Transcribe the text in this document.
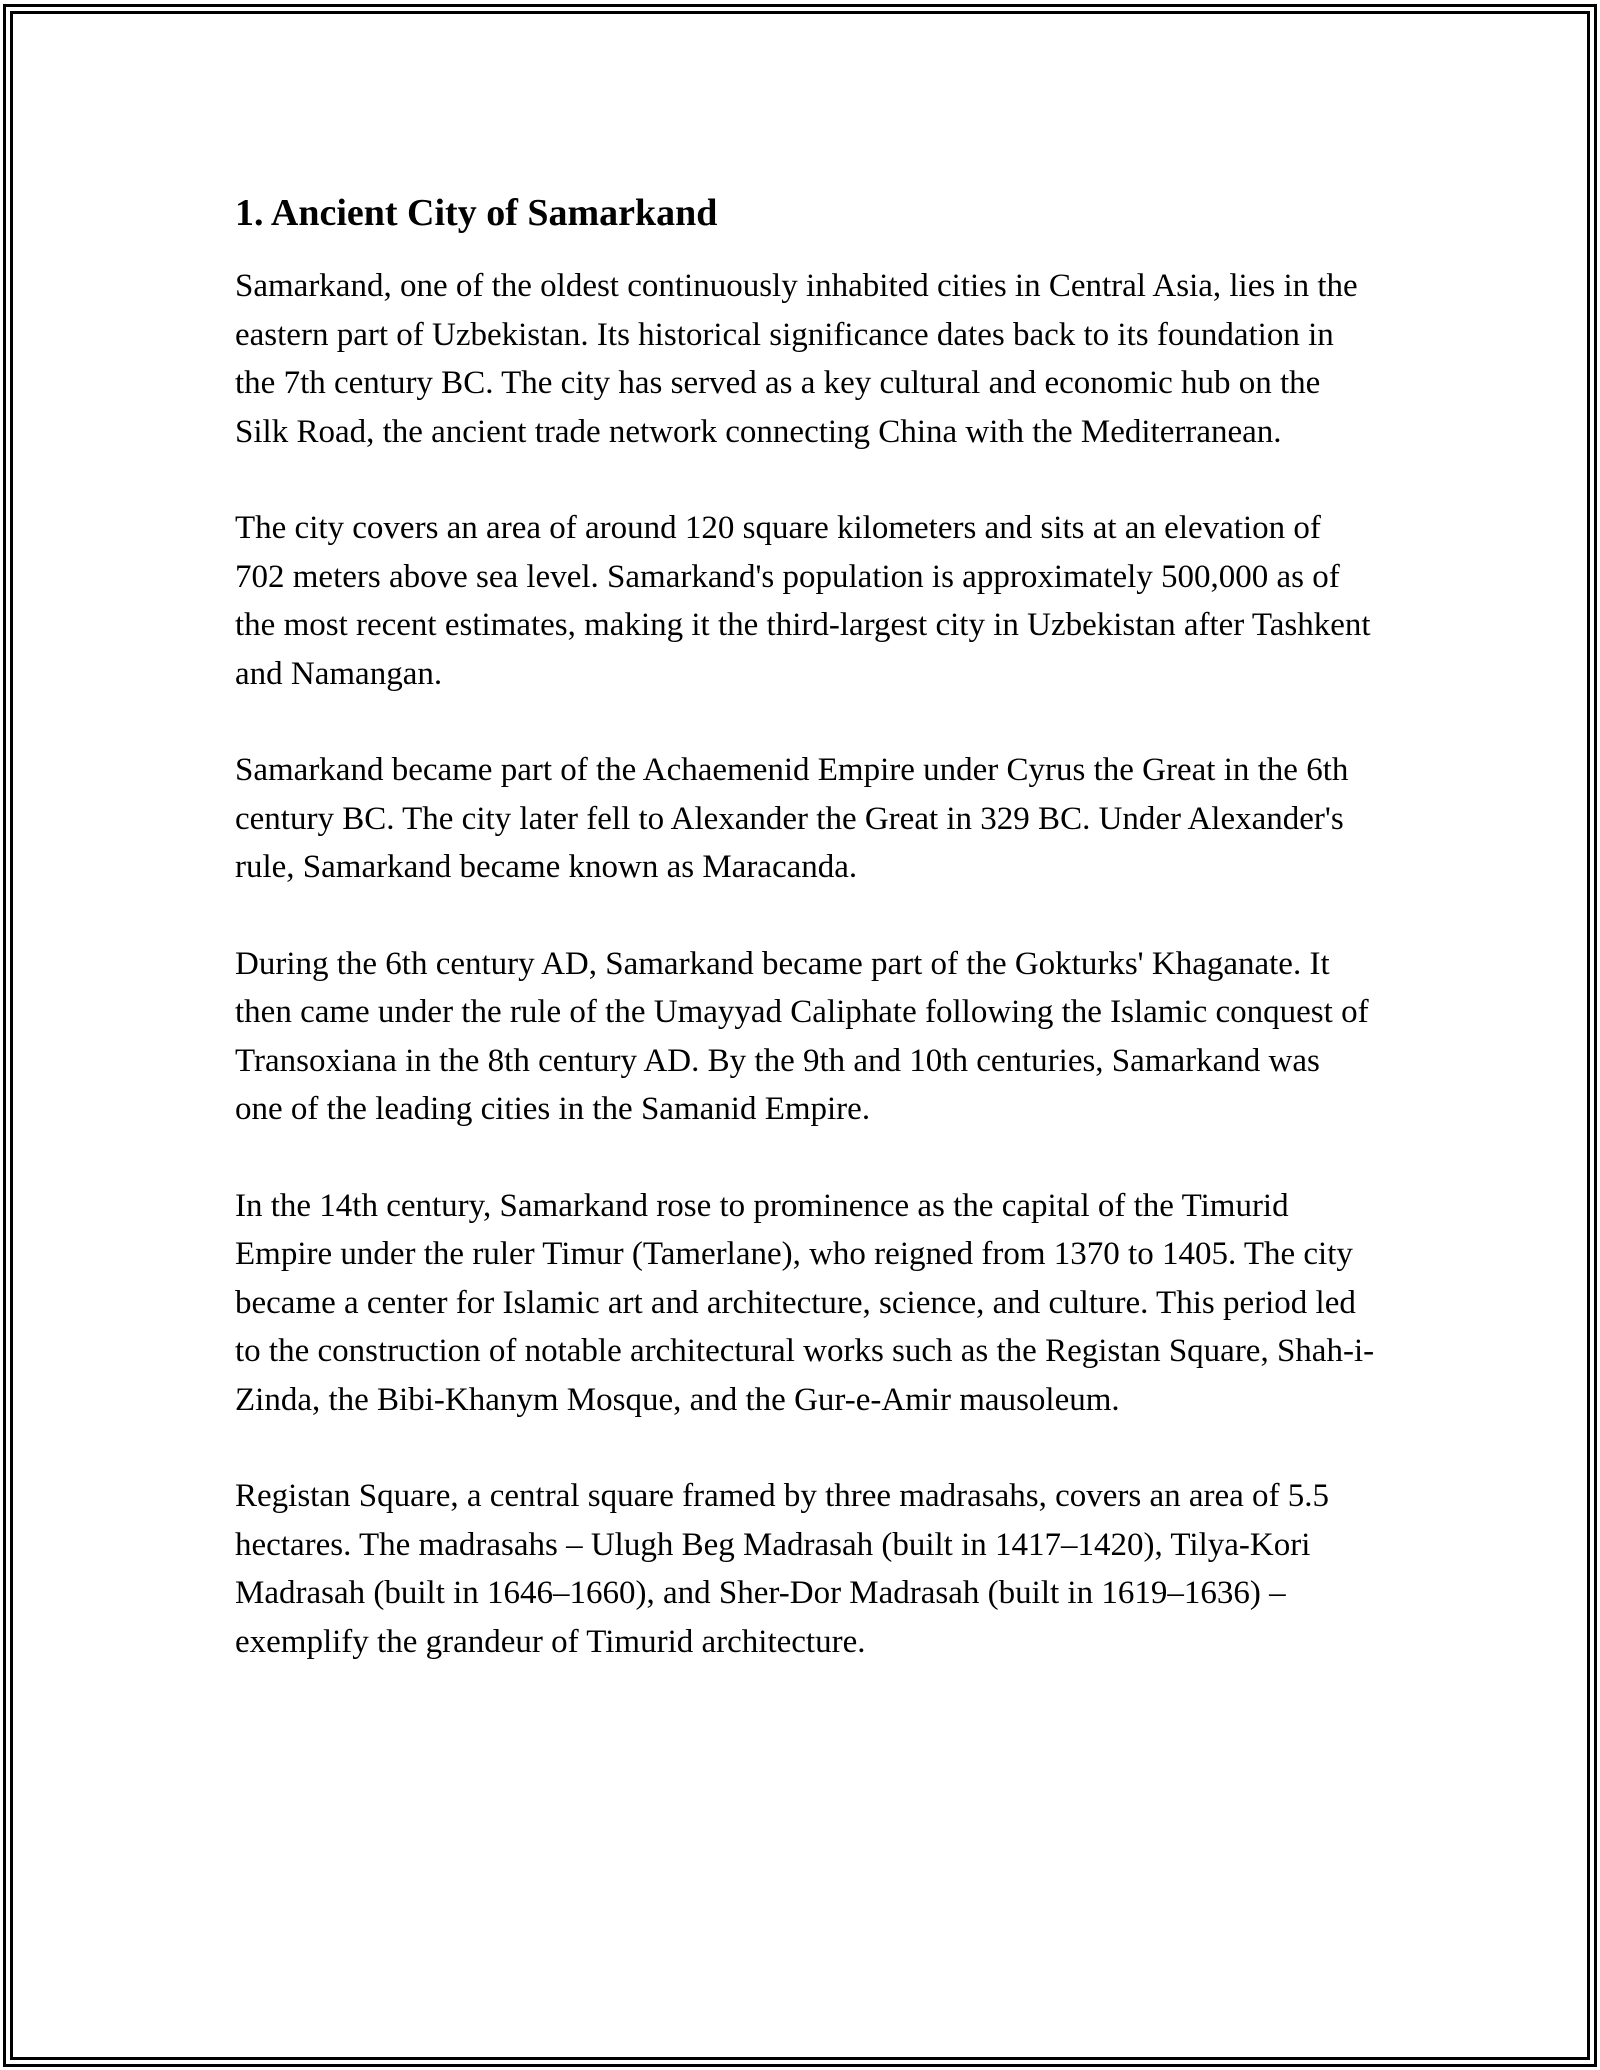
1. Ancient City of Samarkand

Samarkand, one of the oldest continuously inhabited cities in Central Asia, lies in the eastern part of Uzbekistan. Its historical significance dates back to its foundation in the 7th century BC. The city has served as a key cultural and economic hub on the Silk Road, the ancient trade network connecting China with the Mediterranean.

The city covers an area of around 120 square kilometers and sits at an elevation of 702 meters above sea level. Samarkand's population is approximately 500,000 as of the most recent estimates, making it the third-largest city in Uzbekistan after Tashkent and Namangan.

Samarkand became part of the Achaemenid Empire under Cyrus the Great in the 6th century BC. The city later fell to Alexander the Great in 329 BC. Under Alexander's rule, Samarkand became known as Maracanda.

During the 6th century AD, Samarkand became part of the Gokturks' Khaganate. It then came under the rule of the Umayyad Caliphate following the Islamic conquest of Transoxiana in the 8th century AD. By the 9th and 10th centuries, Samarkand was one of the leading cities in the Samanid Empire.

In the 14th century, Samarkand rose to prominence as the capital of the Timurid Empire under the ruler Timur (Tamerlane), who reigned from 1370 to 1405. The city became a center for Islamic art and architecture, science, and culture. This period led to the construction of notable architectural works such as the Registan Square, Shah-i-Zinda, the Bibi-Khanym Mosque, and the Gur-e-Amir mausoleum.

Registan Square, a central square framed by three madrasahs, covers an area of 5.5 hectares. The madrasahs – Ulugh Beg Madrasah (built in 1417–1420), Tilya-Kori Madrasah (built in 1646–1660), and Sher-Dor Madrasah (built in 1619–1636) – exemplify the grandeur of Timurid architecture.
